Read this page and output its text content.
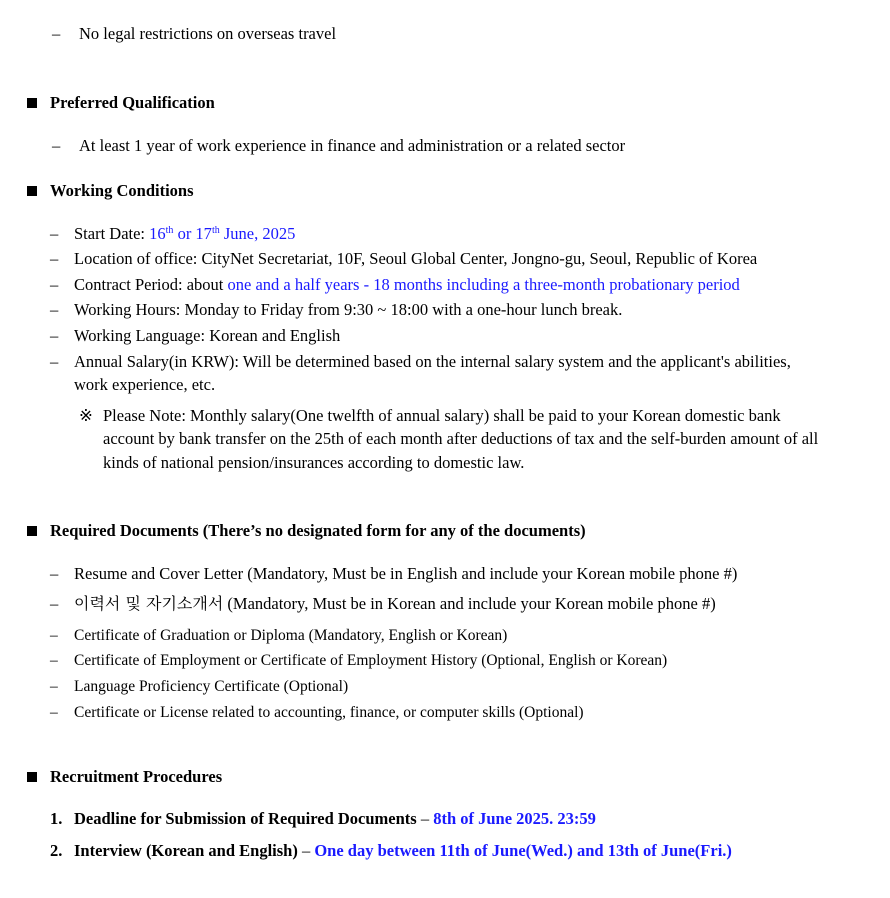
– No legal restrictions on overseas travel
Preferred Qualification
– At least 1 year of work experience in finance and administration or a related sector
Working Conditions
– Start Date: 16th or 17th June, 2025
– Location of office: CityNet Secretariat, 10F, Seoul Global Center, Jongno-gu, Seoul, Republic of Korea
– Contract Period: about one and a half years - 18 months including a three-month probationary period
– Working Hours: Monday to Friday from 9:30 ~ 18:00 with a one-hour lunch break.
– Working Language: Korean and English
– Annual Salary(in KRW): Will be determined based on the internal salary system and the applicant's abilities,
work experience, etc.
※ Please Note: Monthly salary(One twelfth of annual salary) shall be paid to your Korean domestic bank
account by bank transfer on the 25th of each month after deductions of tax and the self-burden amount of all
kinds of national pension/insurances according to domestic law.
Required Documents (There’s no designated form for any of the documents)
– Resume and Cover Letter (Mandatory, Must be in English and include your Korean mobile phone #)
– 이력서 및 자기소개서 (Mandatory, Must be in Korean and include your Korean mobile phone #)
– Certificate of Graduation or Diploma (Mandatory, English or Korean)
– Certificate of Employment or Certificate of Employment History (Optional, English or Korean)
– Language Proficiency Certificate (Optional)
– Certificate or License related to accounting, finance, or computer skills (Optional)
Recruitment Procedures
1. Deadline for Submission of Required Documents – 8th of June 2025. 23:59
2. Interview (Korean and English) – One day between 11th of June(Wed.) and 13th of June(Fri.)
